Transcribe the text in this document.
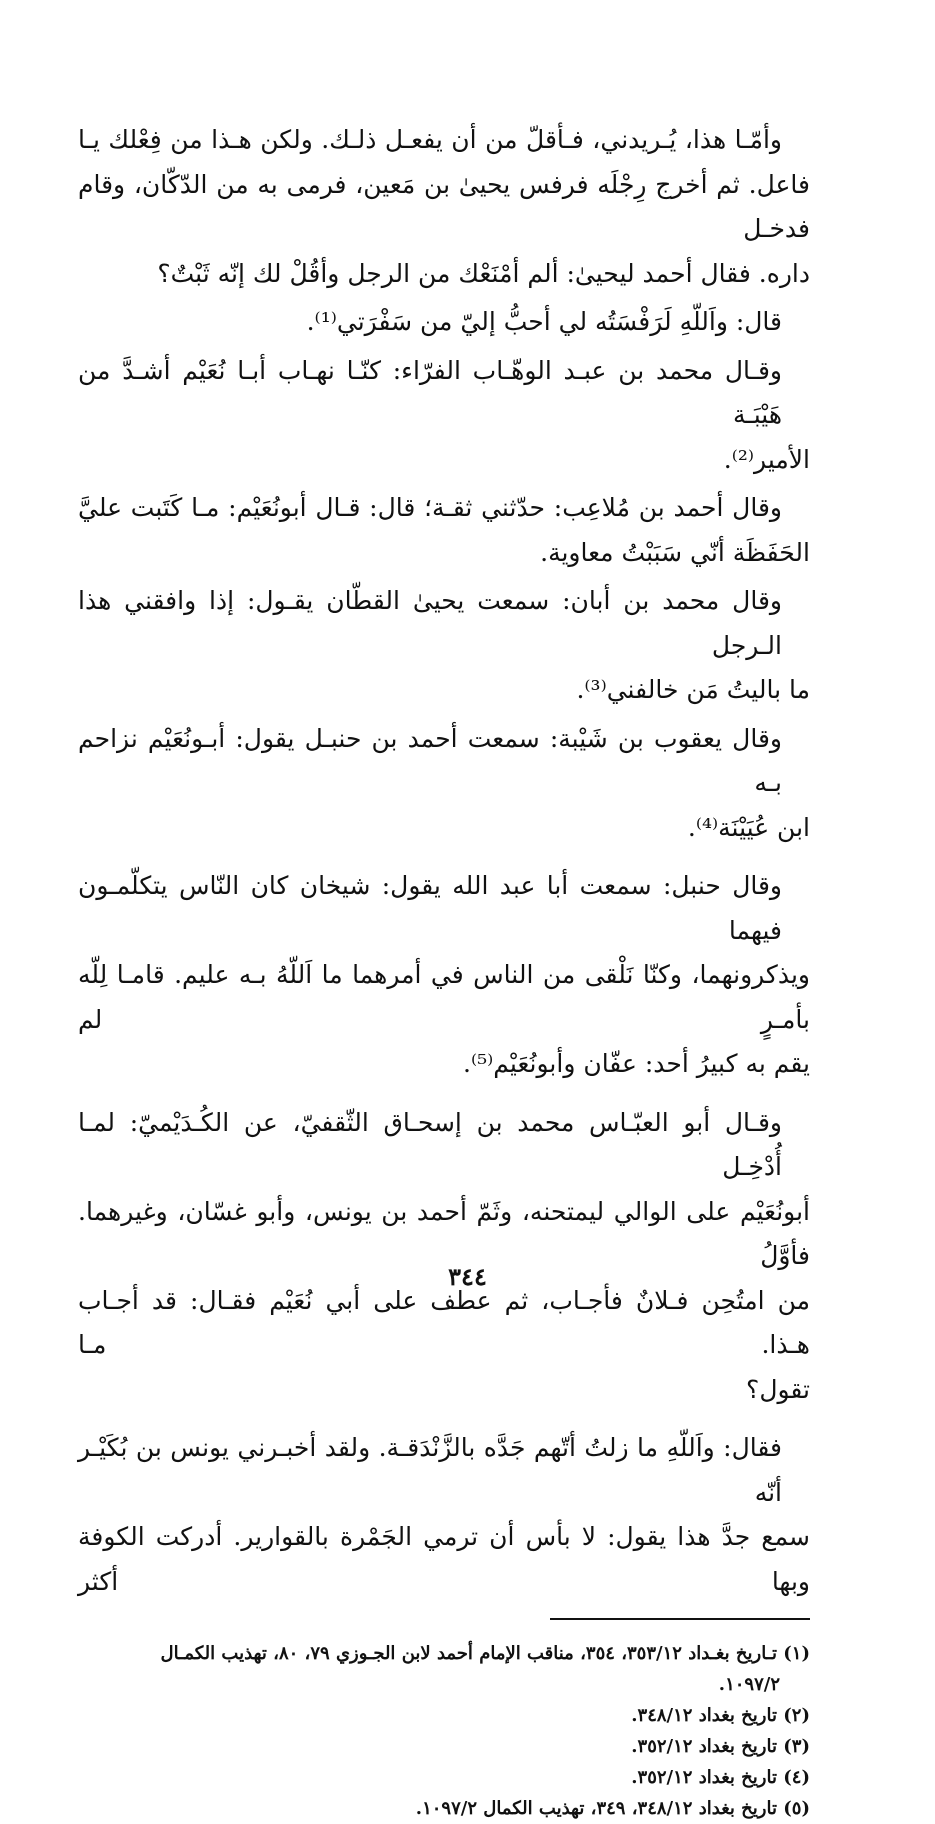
وأمّـا هذا، يُـريدني، فـأقلّ من أن يفعـل ذلـك. ولكن هـذا من فِعْلك يـا
فاعل. ثم أخرج رِجْلَه فرفس يحيىٰ بن مَعين، فرمى به من الدّكّان، وقام فدخـل
داره. فقال أحمد ليحيىٰ: ألم أمْنَعْك من الرجل وأقُلْ لك إنّه ثَبْتٌ؟

قال: واَللّهِ لَرَفْسَتُه لي أحبُّ إليّ من سَفْرَتي⁽¹⁾.

وقـال محمد بن عبـد الوهّـاب الفرّاء: كنّـا نهـاب أبـا نُعَيْم أشـدَّ من هَيْبَـة
الأمير⁽²⁾.

وقال أحمد بن مُلاعِب: حدّثني ثقـة؛ قال: قـال أبونُعَيْم: مـا كَتَبت عليَّ
الحَفَظَة أنّي سَبَبْتُ معاوية.

وقال محمد بن أبان: سمعت يحيىٰ القطّان يقـول: إذا وافقني هذا الـرجل
ما باليتُ مَن خالفني⁽³⁾.

وقال يعقوب بن شَيْبة: سمعت أحمد بن حنبـل يقول: أبـونُعَيْم نزاحم بـه
ابن عُيَيْنَة⁽⁴⁾.

وقال حنبل: سمعت أبا عبد الله يقول: شيخان كان النّاس يتكلّمـون فيهما
ويذكرونهما، وكنّا نَلْقى من الناس في أمرهما ما اَللّهُ بـه عليم. قامـا لِلّه بأمـرٍ لم
يقم به كبيرُ أحد: عفّان وأبونُعَيْم⁽⁵⁾.

وقـال أبو العبّـاس محمد بن إسحـاق الثّقفيّ، عن الكُـدَيْميّ: لمـا أُدْخِـل
أبونُعَيْم على الوالي ليمتحنه، وثَمّ أحمد بن يونس، وأبو غسّان، وغيرهما. فأوَّلُ
من امتُحِن فـلانٌ فأجـاب، ثم عطف على أبي نُعَيْم فقـال: قد أجـاب هـذا. مـا
تقول؟

فقال: واَللّهِ ما زلتُ أتّهم جَدَّه بالزَّنْدَقـة. ولقد أخبـرني يونس بن بُكَيْـر أنّه
سمع جدَّ هذا يقول: لا بأس أن ترمي الجَمْرة بالقوارير. أدركت الكوفة وبها أكثر

(١) تـاريخ بغـداد ٣٥٣/١٢، ٣٥٤، مناقب الإمام أحمد لابن الجـوزي ٧٩، ٨٠، تهذيب الكمـال
١٠٩٧/٢.

(٢) تاريخ بغداد ٣٤٨/١٢.

(٣) تاريخ بغداد ٣٥٢/١٢.

(٤) تاريخ بغداد ٣٥٢/١٢.

(٥) تاريخ بغداد ٣٤٨/١٢، ٣٤٩، تهذيب الكمال ١٠٩٧/٢.

٣٤٤
